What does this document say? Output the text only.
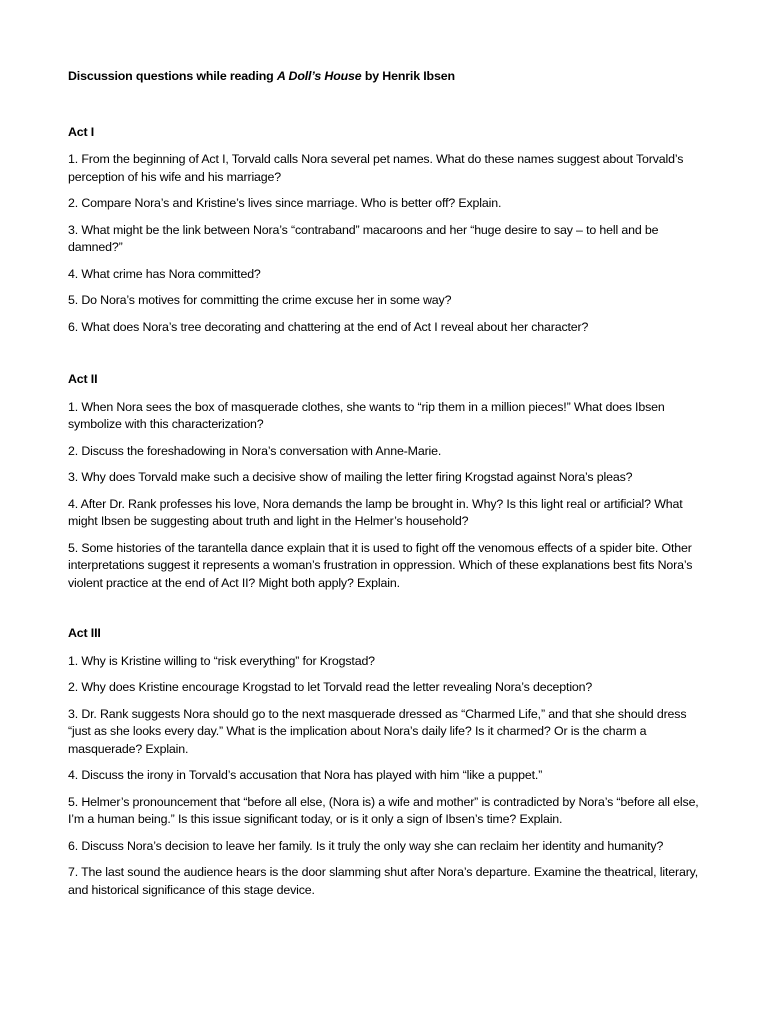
Discussion questions while reading A Doll’s House by Henrik Ibsen

Act I

1. From the beginning of Act I, Torvald calls Nora several pet names. What do these names suggest about Torvald’s perception of his wife and his marriage?
2. Compare Nora’s and Kristine’s lives since marriage. Who is better off? Explain.
3. What might be the link between Nora’s “contraband” macaroons and her “huge desire to say – to hell and be damned?”
4. What crime has Nora committed?
5. Do Nora’s motives for committing the crime excuse her in some way?
6. What does Nora’s tree decorating and chattering at the end of Act I reveal about her character?

Act II

1. When Nora sees the box of masquerade clothes, she wants to “rip them in a million pieces!” What does Ibsen symbolize with this characterization?
2. Discuss the foreshadowing in Nora’s conversation with Anne-Marie.
3. Why does Torvald make such a decisive show of mailing the letter firing Krogstad against Nora’s pleas?
4. After Dr. Rank professes his love, Nora demands the lamp be brought in. Why? Is this light real or artificial? What might Ibsen be suggesting about truth and light in the Helmer’s household?
5. Some histories of the tarantella dance explain that it is used to fight off the venomous effects of a spider bite. Other interpretations suggest it represents a woman’s frustration in oppression. Which of these explanations best fits Nora’s violent practice at the end of Act II? Might both apply? Explain.

Act III

1. Why is Kristine willing to “risk everything” for Krogstad?
2. Why does Kristine encourage Krogstad to let Torvald read the letter revealing Nora’s deception?
3. Dr. Rank suggests Nora should go to the next masquerade dressed as “Charmed Life,” and that she should dress “just as she looks every day.” What is the implication about Nora’s daily life? Is it charmed? Or is the charm a masquerade? Explain.
4. Discuss the irony in Torvald’s accusation that Nora has played with him “like a puppet.”
5. Helmer’s pronouncement that “before all else, (Nora is) a wife and mother” is contradicted by Nora’s “before all else, I’m a human being.” Is this issue significant today, or is it only a sign of Ibsen’s time? Explain.
6. Discuss Nora’s decision to leave her family. Is it truly the only way she can reclaim her identity and humanity?
7. The last sound the audience hears is the door slamming shut after Nora’s departure. Examine the theatrical, literary, and historical significance of this stage device.
